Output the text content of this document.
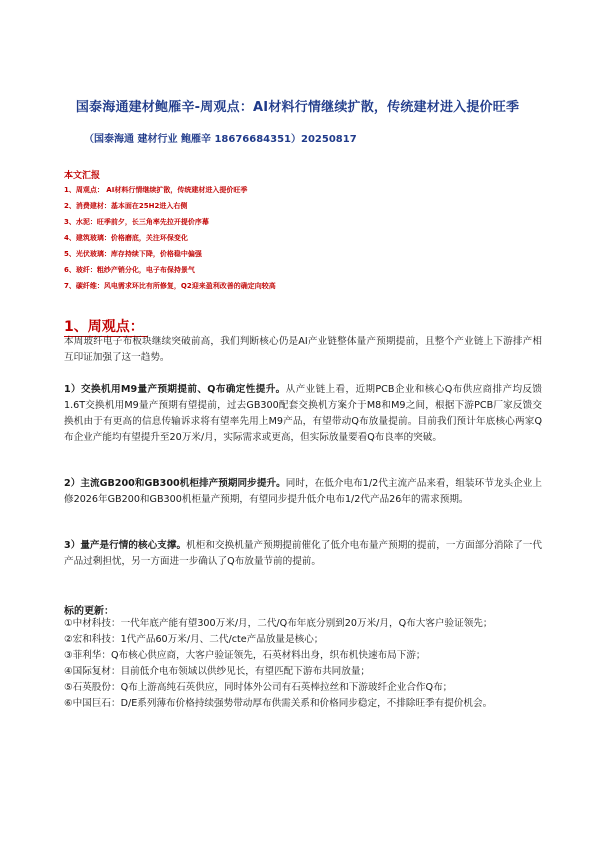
国泰海通建材鲍雁辛-周观点：AI材料行情继续扩散，传统建材进入提价旺季
（国泰海通 建材行业 鲍雁辛 18676684351）20250817
本文汇报
1、周观点： AI材料行情继续扩散，传统建材进入提价旺季
2、消费建材：基本面在25H2进入右侧
3、水泥：旺季前夕，长三角率先拉开提价序幕
4、建筑玻璃：价格磨底，关注环保变化
5、光伏玻璃：库存持续下降，价格稳中偏强
6、玻纤：粗纱产销分化，电子布保持景气
7、碳纤维：风电需求环比有所修复，Q2迎来盈利改善的确定向较高
1、周观点：

本周玻纤电子布板块继续突破前高，我们判断核心仍是AI产业链整体量产预期提前，且整个产业链上下游排产相互印证加强了这一趋势。

1）交换机用M9量产预期提前、Q布确定性提升。从产业链上看，近期PCB企业和核心Q布供应商排产均反馈1.6T交换机用M9量产预期有望提前，过去GB300配套交换机方案介于M8和M9之间，根据下游PCB厂家反馈交换机由于有更高的信息传输诉求将有望率先用上M9产品，有望带动Q布放量提前。目前我们预计年底核心两家Q布企业产能均有望提升至20万米/月，实际需求或更高，但实际放量要看Q布良率的突破。

2）主流GB200和GB300机柜排产预期同步提升。同时，在低介电布1/2代主流产品来看，组装环节龙头企业上修2026年GB200和GB300机柜量产预期，有望同步提升低介电布1/2代产品26年的需求预期。

3）量产是行情的核心支撑。机柜和交换机量产预期提前催化了低介电布量产预期的提前，一方面部分消除了一代产品过剩担忧，另一方面进一步确认了Q布放量节前的提前。

标的更新：
①中材科技：一代年底产能有望300万米/月，二代/Q布年底分别到20万米/月，Q布大客户验证领先；
②宏和科技：1代产品60万米/月、二代/cte产品放量是核心；
③菲利华：Q布核心供应商，大客户验证领先，石英材料出身，织布机快速布局下游；
④国际复材：目前低介电布领域以供纱见长，有望匹配下游布共同放量；
⑤石英股份：Q布上游高纯石英供应，同时体外公司有石英棒拉丝和下游玻纤企业合作Q布；
⑥中国巨石：D/E系列薄布价格持续强势带动厚布供需关系和价格同步稳定，不排除旺季有提价机会。
